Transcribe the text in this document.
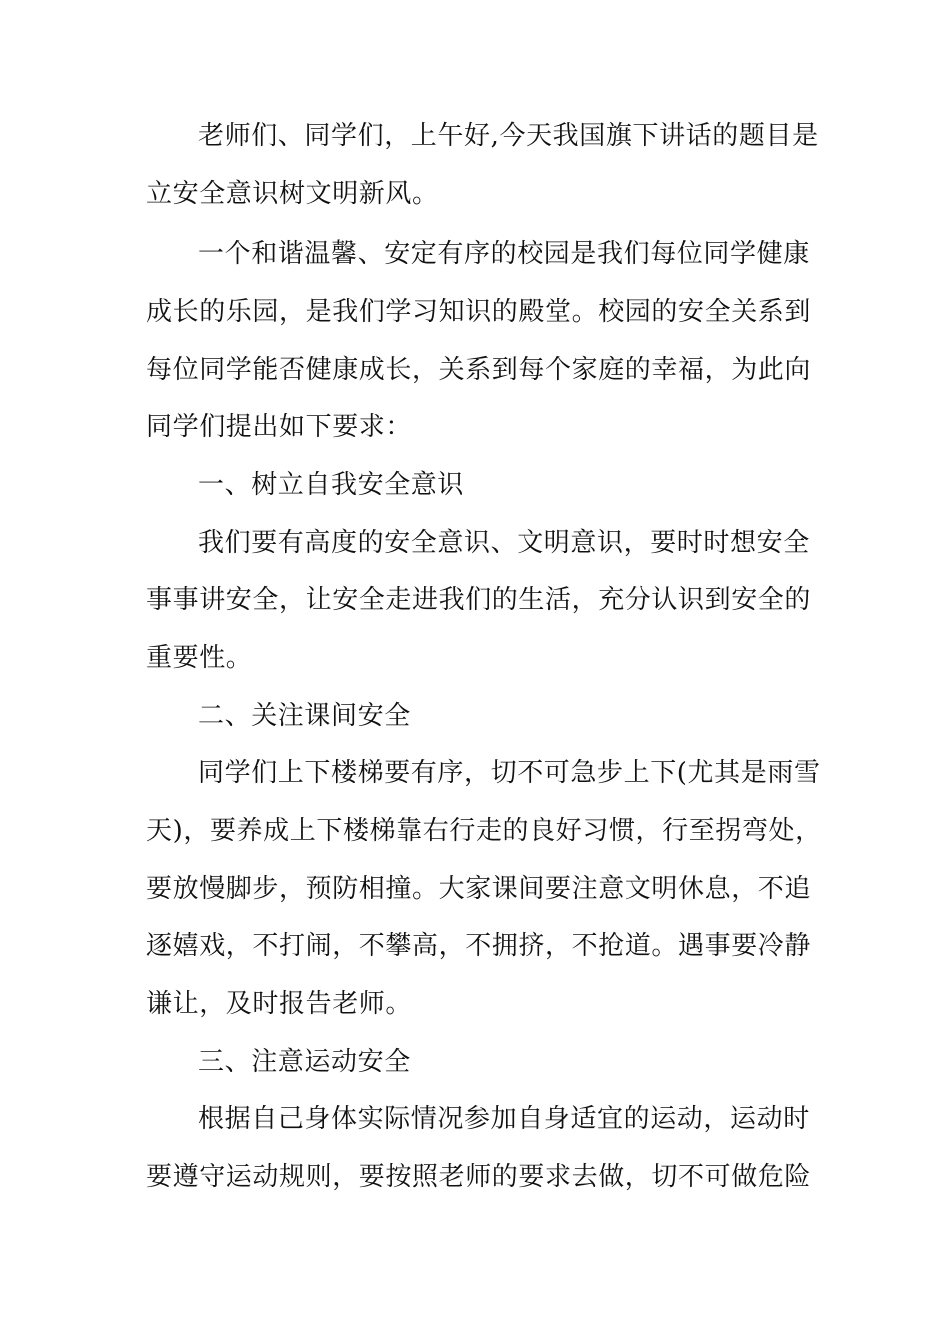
老师们、同学们，上午好,今天我国旗下讲话的题目是
立安全意识树文明新风。
一个和谐温馨、安定有序的校园是我们每位同学健康
成长的乐园，是我们学习知识的殿堂。校园的安全关系到
每位同学能否健康成长，关系到每个家庭的幸福，为此向
同学们提出如下要求：
一、树立自我安全意识
我们要有高度的安全意识、文明意识，要时时想安全
事事讲安全，让安全走进我们的生活，充分认识到安全的
重要性。
二、关注课间安全
同学们上下楼梯要有序，切不可急步上下(尤其是雨雪
天)，要养成上下楼梯靠右行走的良好习惯，行至拐弯处，
要放慢脚步，预防相撞。大家课间要注意文明休息，不追
逐嬉戏，不打闹，不攀高，不拥挤，不抢道。遇事要冷静
谦让，及时报告老师。
三、注意运动安全
根据自己身体实际情况参加自身适宜的运动，运动时
要遵守运动规则，要按照老师的要求去做，切不可做危险
